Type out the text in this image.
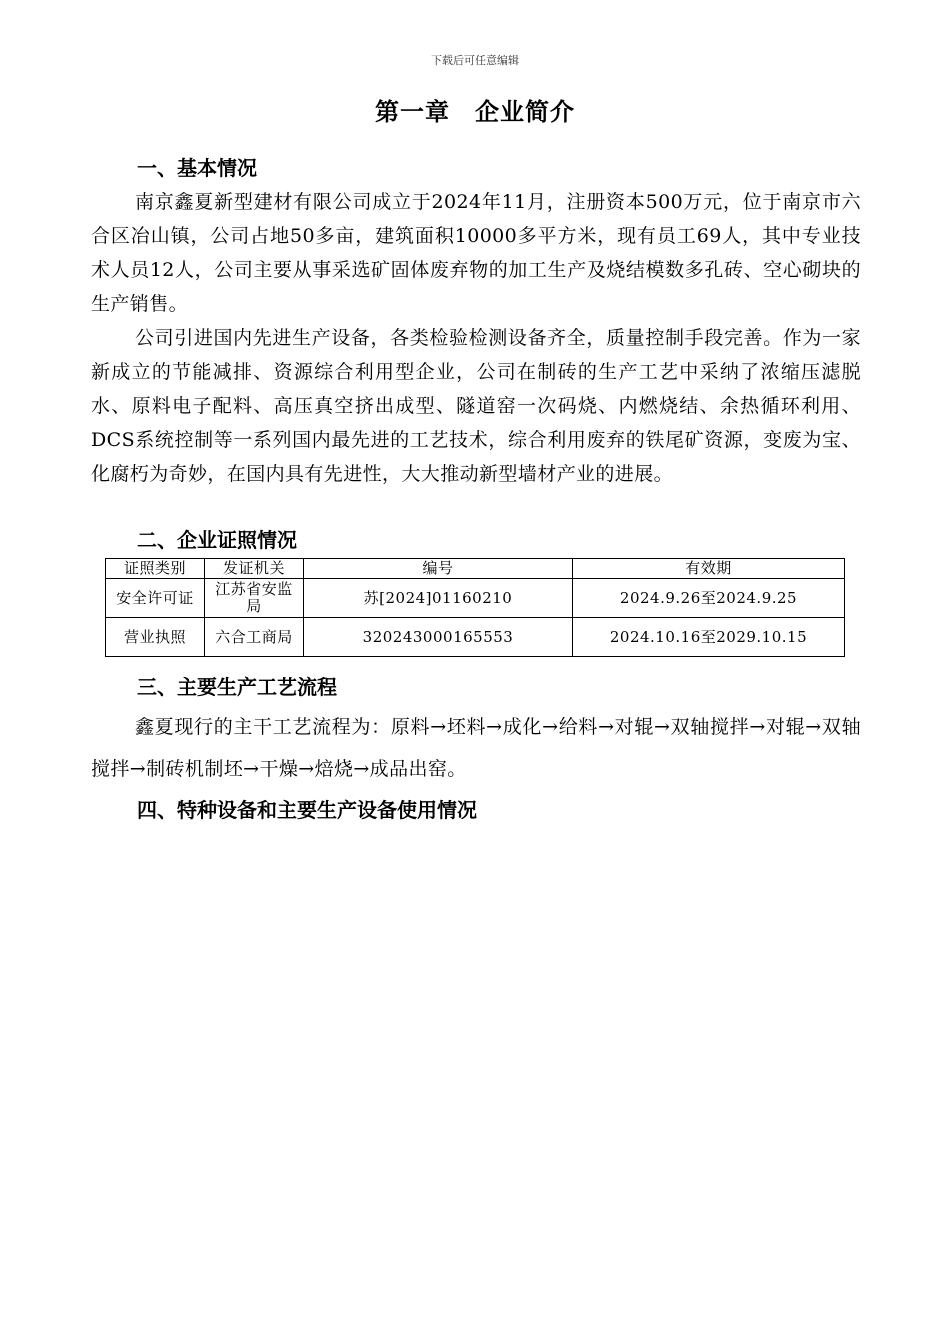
下载后可任意编辑
第一章　企业简介
一、基本情况

南京鑫夏新型建材有限公司成立于2024年11月，注册资本500万元，位于南京市六合区冶山镇，公司占地50多亩，建筑面积10000多平方米，现有员工69人，其中专业技术人员12人，公司主要从事采选矿固体废弃物的加工生产及烧结模数多孔砖、空心砌块的生产销售。

公司引进国内先进生产设备，各类检验检测设备齐全，质量控制手段完善。作为一家新成立的节能减排、资源综合利用型企业，公司在制砖的生产工艺中采纳了浓缩压滤脱水、原料电子配料、高压真空挤出成型、隧道窑一次码烧、内燃烧结、余热循环利用、DCS系统控制等一系列国内最先进的工艺技术，综合利用废弃的铁尾矿资源，变废为宝、化腐朽为奇妙，在国内具有先进性，大大推动新型墙材产业的进展。

二、企业证照情况
证照类别	发证机关	编号	有效期
安全许可证	江苏省安监局	苏[2024]01160210	2024.9.26至2024.9.25
营业执照	六合工商局	320243000165553	2024.10.16至2029.10.15
三、主要生产工艺流程

鑫夏现行的主干工艺流程为：原料→坯料→成化→给料→对辊→双轴搅拌→对辊→双轴搅拌→制砖机制坯→干燥→焙烧→成品出窑。

四、特种设备和主要生产设备使用情况
